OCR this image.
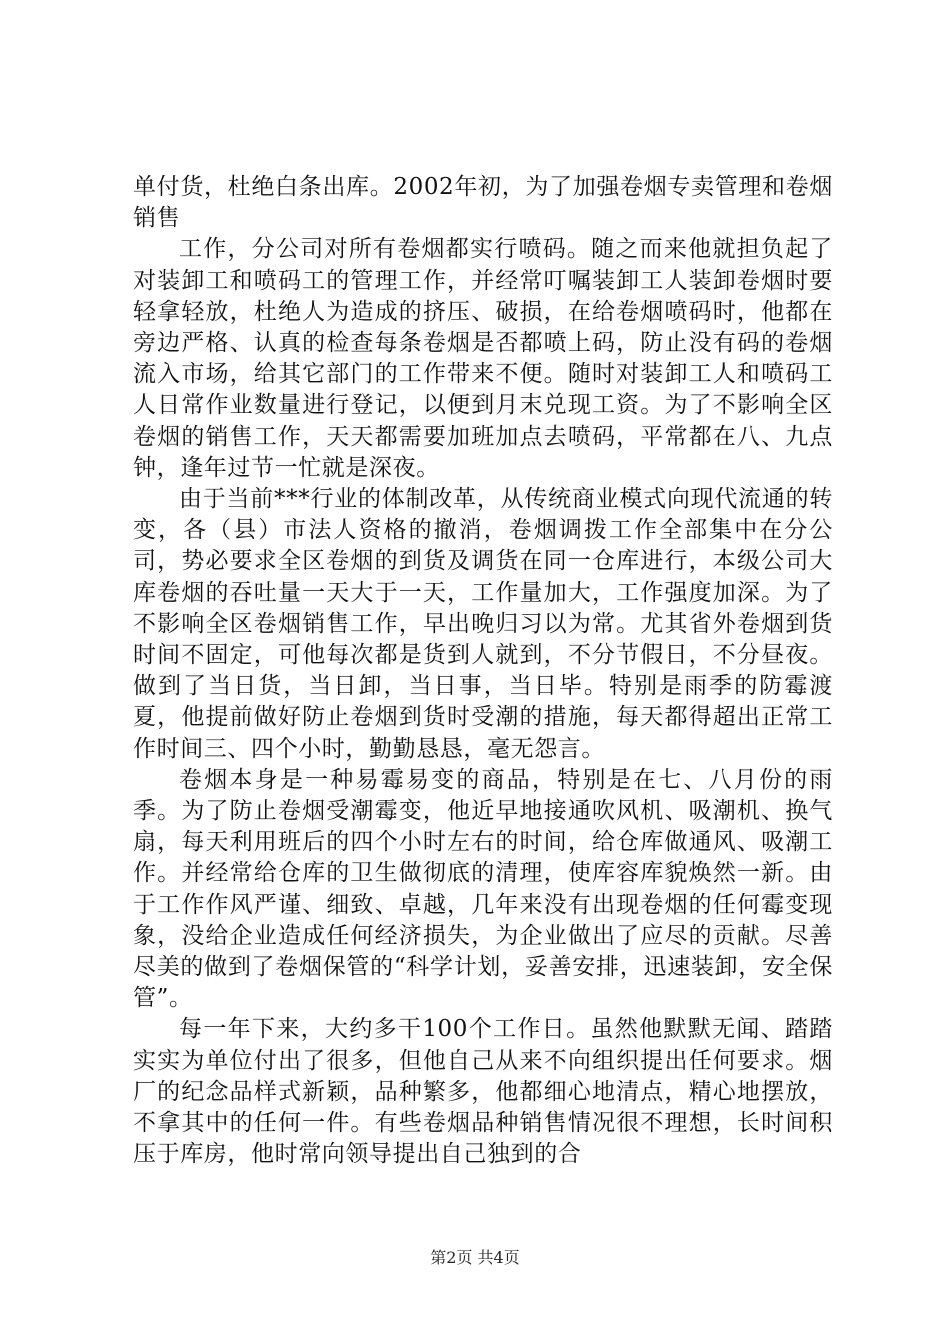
单付货，杜绝白条出库。2002年初，为了加强卷烟专卖管理和卷烟销售

工作，分公司对所有卷烟都实行喷码。随之而来他就担负起了对装卸工和喷码工的管理工作，并经常叮嘱装卸工人装卸卷烟时要轻拿轻放，杜绝人为造成的挤压、破损，在给卷烟喷码时，他都在旁边严格、认真的检查每条卷烟是否都喷上码，防止没有码的卷烟流入市场，给其它部门的工作带来不便。随时对装卸工人和喷码工人日常作业数量进行登记，以便到月末兑现工资。为了不影响全区卷烟的销售工作，天天都需要加班加点去喷码，平常都在八、九点钟，逢年过节一忙就是深夜。

由于当前***行业的体制改革，从传统商业模式向现代流通的转变，各（县）市法人资格的撤消，卷烟调拨工作全部集中在分公司，势必要求全区卷烟的到货及调货在同一仓库进行，本级公司大库卷烟的吞吐量一天大于一天，工作量加大，工作强度加深。为了不影响全区卷烟销售工作，早出晚归习以为常。尤其省外卷烟到货时间不固定，可他每次都是货到人就到，不分节假日，不分昼夜。做到了当日货，当日卸，当日事，当日毕。特别是雨季的防霉渡夏，他提前做好防止卷烟到货时受潮的措施，每天都得超出正常工作时间三、四个小时，勤勤恳恳，毫无怨言。

卷烟本身是一种易霉易变的商品，特别是在七、八月份的雨季。为了防止卷烟受潮霉变，他近早地接通吹风机、吸潮机、换气扇，每天利用班后的四个小时左右的时间，给仓库做通风、吸潮工作。并经常给仓库的卫生做彻底的清理，使库容库貌焕然一新。由于工作作风严谨、细致、卓越，几年来没有出现卷烟的任何霉变现象，没给企业造成任何经济损失，为企业做出了应尽的贡献。尽善尽美的做到了卷烟保管的“科学计划，妥善安排，迅速装卸，安全保管”。

每一年下来，大约多干100个工作日。虽然他默默无闻、踏踏实实为单位付出了很多，但他自己从来不向组织提出任何要求。烟厂的纪念品样式新颖，品种繁多，他都细心地清点，精心地摆放，不拿其中的任何一件。有些卷烟品种销售情况很不理想，长时间积压于库房，他时常向领导提出自己独到的合

第2页 共4页
